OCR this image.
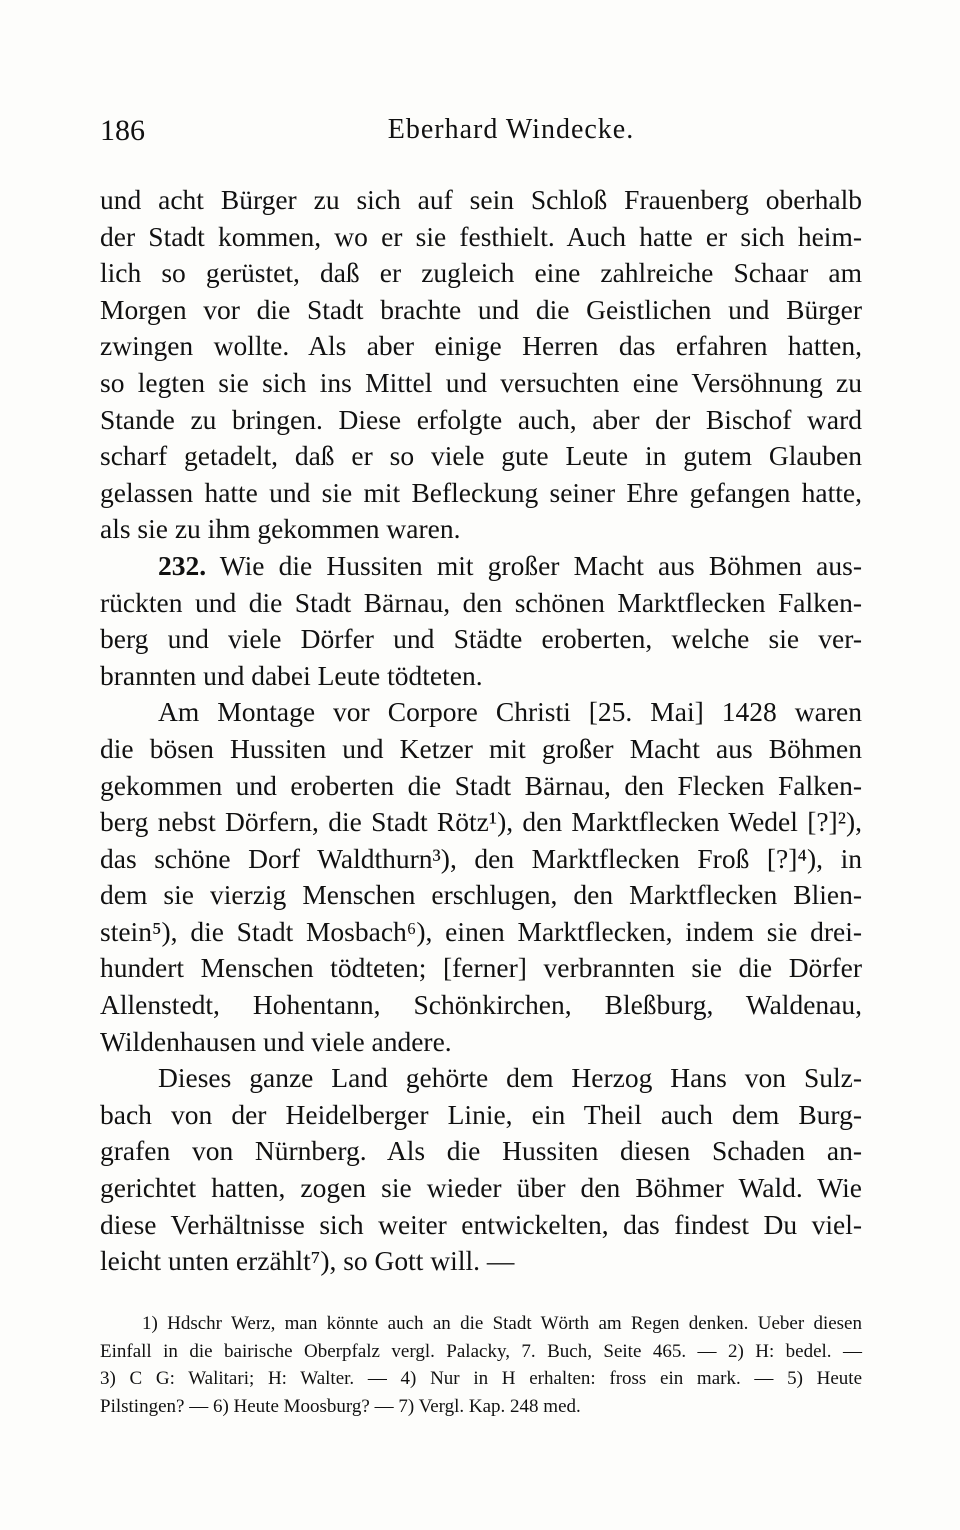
186	Eberhard Windecke.
und acht Bürger zu sich auf sein Schloß Frauenberg oberhalb
der Stadt kommen, wo er sie festhielt. Auch hatte er sich heim-
lich so gerüstet, daß er zugleich eine zahlreiche Schaar am
Morgen vor die Stadt brachte und die Geistlichen und Bürger
zwingen wollte. Als aber einige Herren das erfahren hatten,
so legten sie sich ins Mittel und versuchten eine Versöhnung zu
Stande zu bringen. Diese erfolgte auch, aber der Bischof ward
scharf getadelt, daß er so viele gute Leute in gutem Glauben
gelassen hatte und sie mit Befleckung seiner Ehre gefangen hatte,
als sie zu ihm gekommen waren.
232. Wie die Hussiten mit großer Macht aus Böhmen aus-
rückten und die Stadt Bärnau, den schönen Marktflecken Falken-
berg und viele Dörfer und Städte eroberten, welche sie ver-
brannten und dabei Leute tödteten.
Am Montage vor Corpore Christi [25. Mai] 1428 waren
die bösen Hussiten und Ketzer mit großer Macht aus Böhmen
gekommen und eroberten die Stadt Bärnau, den Flecken Falken-
berg nebst Dörfern, die Stadt Rötz¹), den Marktflecken Wedel [?]²),
das schöne Dorf Waldthurn³), den Marktflecken Froß [?]⁴), in
dem sie vierzig Menschen erschlugen, den Marktflecken Blien-
stein⁵), die Stadt Mosbach⁶), einen Marktflecken, indem sie drei-
hundert Menschen tödteten; [ferner] verbrannten sie die Dörfer
Allenstedt, Hohentann, Schönkirchen, Bleßburg, Waldenau,
Wildenhausen und viele andere.
Dieses ganze Land gehörte dem Herzog Hans von Sulz-
bach von der Heidelberger Linie, ein Theil auch dem Burg-
grafen von Nürnberg. Als die Hussiten diesen Schaden an-
gerichtet hatten, zogen sie wieder über den Böhmer Wald. Wie
diese Verhältnisse sich weiter entwickelten, das findest Du viel-
leicht unten erzählt⁷), so Gott will. —
1) Hdschr Werz, man könnte auch an die Stadt Wörth am Regen denken. Ueber diesen
Einfall in die bairische Oberpfalz vergl. Palacky, 7. Buch, Seite 465. — 2) H: bedel. —
3) C G: Walitari; H: Walter. — 4) Nur in H erhalten: fross ein mark. — 5) Heute
Pilstingen? — 6) Heute Moosburg? — 7) Vergl. Kap. 248 med.
